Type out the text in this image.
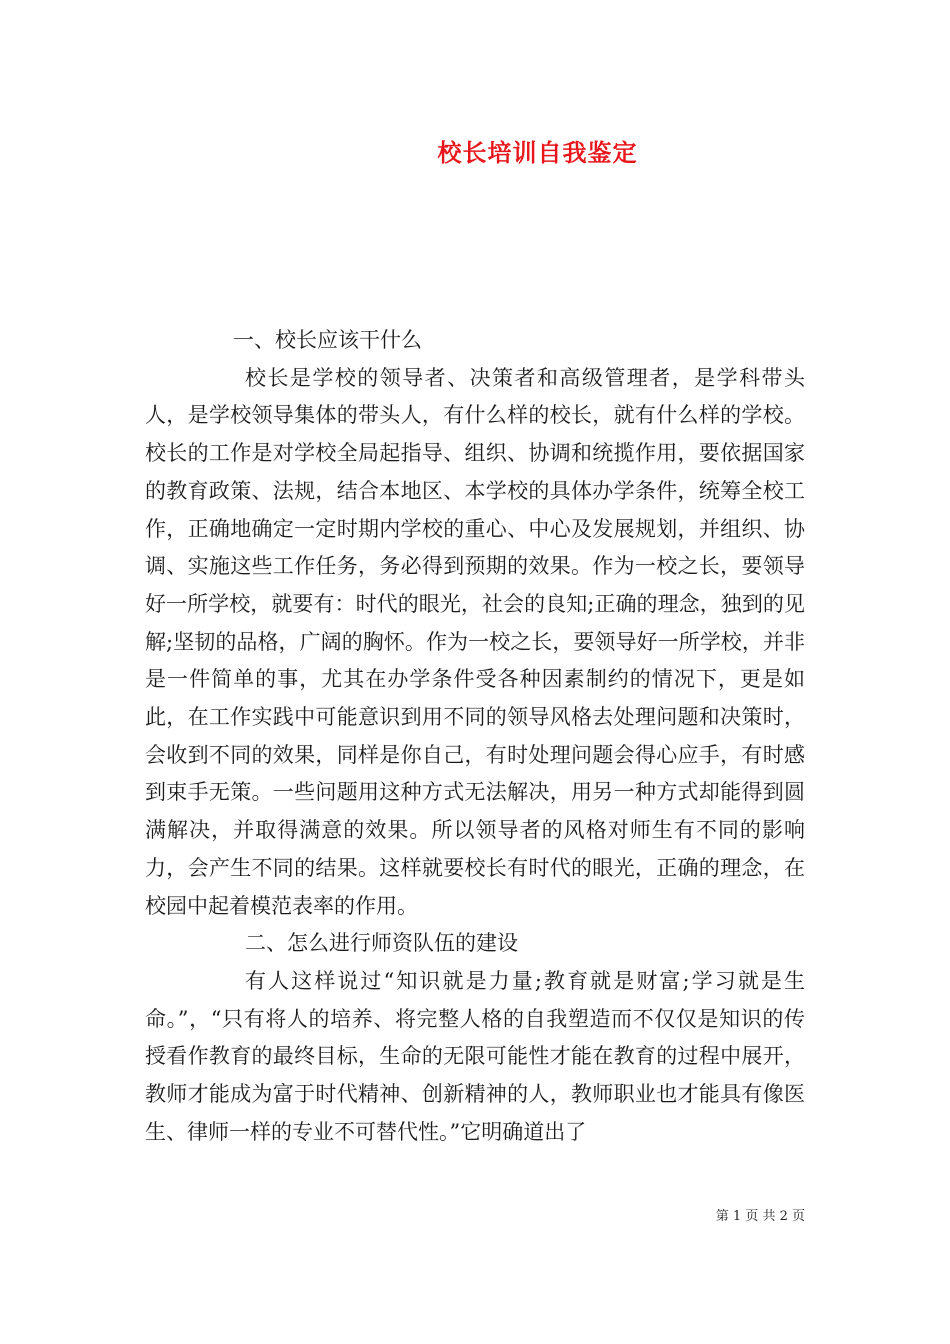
校长培训自我鉴定

一、校长应该干什么

校长是学校的领导者、决策者和高级管理者，是学科带头人，是学校领导集体的带头人，有什么样的校长，就有什么样的学校。校长的工作是对学校全局起指导、组织、协调和统揽作用，要依据国家的教育政策、法规，结合本地区、本学校的具体办学条件，统筹全校工作，正确地确定一定时期内学校的重心、中心及发展规划，并组织、协调、实施这些工作任务，务必得到预期的效果。作为一校之长，要领导好一所学校，就要有：时代的眼光，社会的良知;正确的理念，独到的见解;坚韧的品格，广阔的胸怀。作为一校之长，要领导好一所学校，并非是一件简单的事，尤其在办学条件受各种因素制约的情况下，更是如此，在工作实践中可能意识到用不同的领导风格去处理问题和决策时，会收到不同的效果，同样是你自己，有时处理问题会得心应手，有时感到束手无策。一些问题用这种方式无法解决，用另一种方式却能得到圆满解决，并取得满意的效果。所以领导者的风格对师生有不同的影响力，会产生不同的结果。这样就要校长有时代的眼光，正确的理念，在校园中起着模范表率的作用。

二、怎么进行师资队伍的建设

有人这样说过“知识就是力量;教育就是财富;学习就是生命。”，“只有将人的培养、将完整人格的自我塑造而不仅仅是知识的传授看作教育的最终目标，生命的无限可能性才能在教育的过程中展开，教师才能成为富于时代精神、创新精神的人，教师职业也才能具有像医生、律师一样的专业不可替代性。”它明确道出了

第 1 页 共 2 页
